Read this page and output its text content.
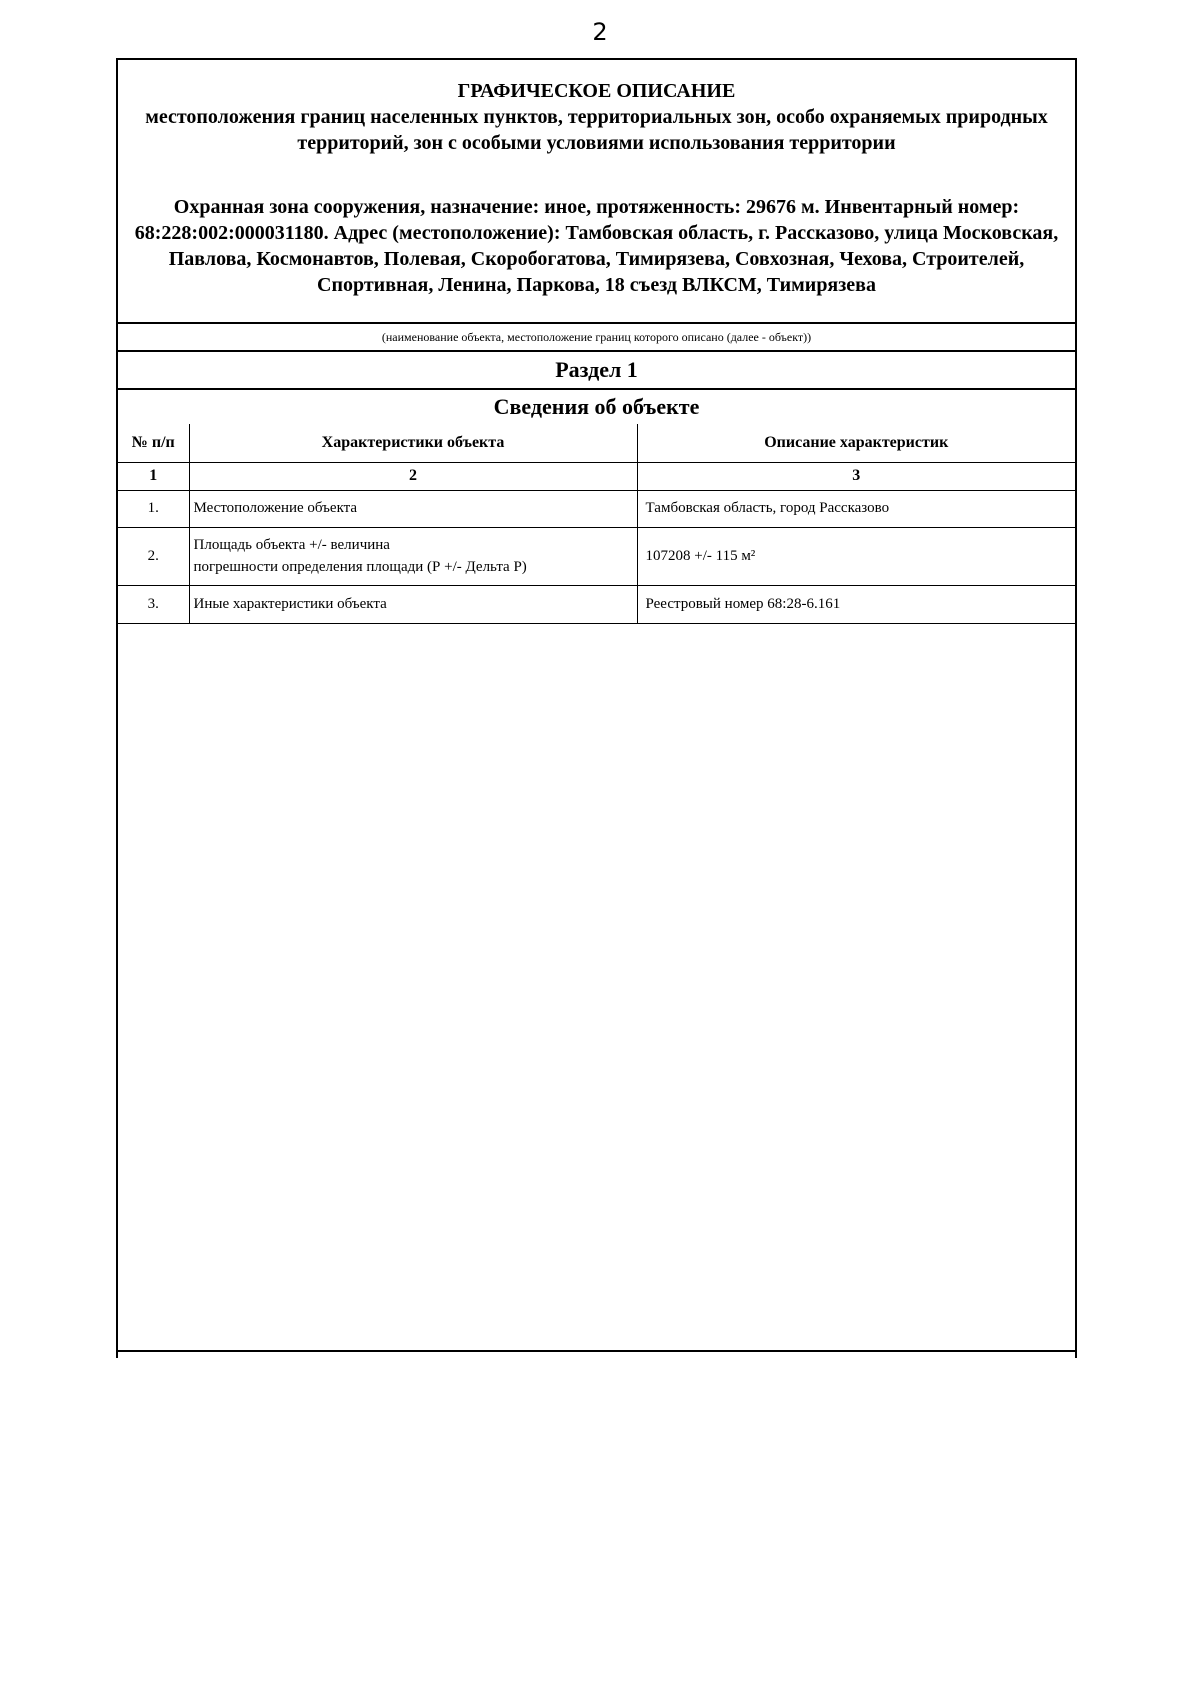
2
ГРАФИЧЕСКОЕ ОПИСАНИЕ
местоположения границ населенных пунктов, территориальных зон, особо охраняемых природных территорий, зон с особыми условиями использования территории
Охранная зона сооружения, назначение: иное, протяженность: 29676 м. Инвентарный номер: 68:228:002:000031180. Адрес (местоположение): Тамбовская область, г. Рассказово, улица Московская, Павлова, Космонавтов, Полевая, Скоробогатова, Тимирязева, Совхозная, Чехова, Строителей, Спортивная, Ленина, Паркова, 18 съезд ВЛКСМ, Тимирязева
(наименование объекта, местоположение границ которого описано (далее - объект))
Раздел 1
Сведения об объекте
№ п/п	Характеристики объекта	Описание характеристик
1	2	3
1.	Местоположение объекта	Тамбовская область, город Рассказово
2.	Площадь объекта +/- величина
погрешности определения площади (Р +/- Дельта Р)	107208 +/- 115 м²
3.	Иные характеристики объекта	Реестровый номер 68:28-6.161
